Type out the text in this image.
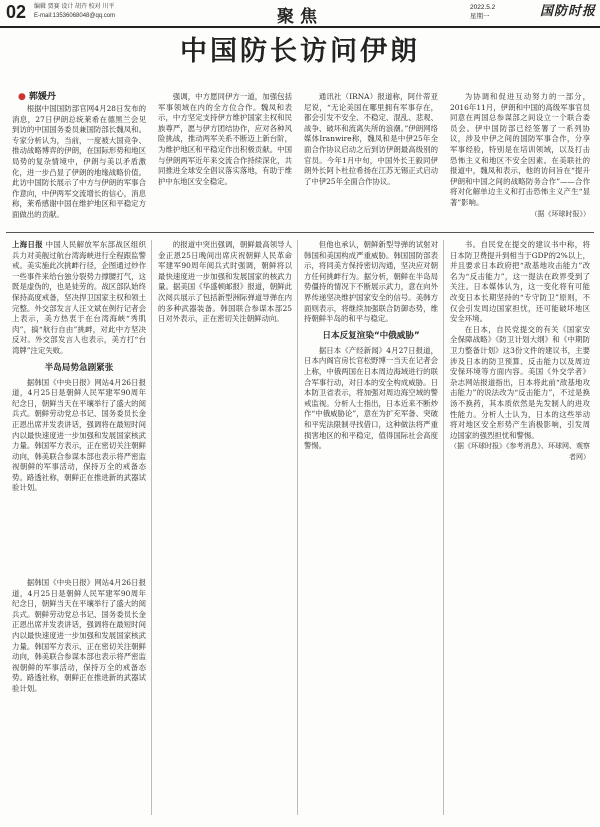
02 编辑 贾赛 设计 胡卉 校对 川平
E-mail:13536068048@qq.com	聚焦	2022.5.2
星期一	国防时报
中国防长访问伊朗
● 郭媛丹

根据中国国防部官网4月28日发布的消息，27日伊朗总统莱希在德黑兰会见到访的中国国务委员兼国防部长魏凤和。专家分析认为，当前，一度被大国竞争、推动战略博弈的伊朗，在国际形势和地区局势的复杂情境中，伊朗与美以矛盾激化，进一步凸显了伊朗的地缘战略价值。此访中国防长展示了中方与伊朗的军事合作意向，中伊两军交流增长的信心，消息称，莱希感谢中国在维护地区和平稳定方面做出的贡献。

强调，中方愿同伊方一道，加强包括军事领域在内的全方位合作。魏凤和表示，中方坚定支持伊方维护国家主权和民族尊严，愿与伊方团结协作，应对各种风险挑战，推动两军关系不断迈上新台阶，为维护地区和平稳定作出积极贡献。中国与伊朗两军近年来交流合作持续深化，共同推进全球安全倡议落实落地，有助于维护中东地区安全稳定。

通讯社（IRNA）报道称，阿什蒂亚尼说，“无论美国在哪里拥有军事存在，都会引发不安全、不稳定、混乱、悲观、战争、破坏和流离失所的浪潮。”伊朗网络媒体Iranwire称，魏凤和是中伊25年全面合作协议启动之后到访伊朗最高级别的官员。今年1月中旬，中国外长王毅同伊朗外长阿卜杜拉希扬在江苏无锡正式启动了中伊25年全面合作协议。

为协调和促进互动努力的一部分，2016年11月，伊朗和中国的高级军事官员同意在两国总参谋部之间设立一个联合委员会。伊中国防部已经签署了一系列协议，涉及中伊之间的国防军事合作，分享军事经验，特别是在培训领域，以及打击恐怖主义和地区不安全因素。在美联社的报道中，魏凤和表示，他的访问旨在“提升伊朗和中国之间的战略防务合作”——合作将对化解单边主义和打击恐怖主义产生“显著”影响。

（据《环球时报》）

上海日报 中国人民解放军东部战区组织兵力对美舰过航台湾海峡进行全程跟监警戒。美实施此次挑衅行径，企图通过炒作一些事件来给台独分裂势力撑腰打气，这既是虚伪的，也是徒劳的。战区部队始终保持高度戒备，坚决捍卫国家主权和领土完整。外交部发言人汪文斌在例行记者会上表示，美方热衷于在台湾海峡“秀肌肉”，搞“航行自由”挑衅，对此中方坚决反对。外交部发言人也表示，美方打“台湾牌”注定失败。

半岛局势急剧紧张

据韩国《中央日报》网站4月26日报道，4月25日是朝鲜人民军建军90周年纪念日，朝鲜当天在平壤举行了盛大的阅兵式。朝鲜劳动党总书记、国务委员长金正恩出席并发表讲话，强调将在最短时间内以最快速度进一步加强和发展国家核武力量。韩国军方表示，正在密切关注朝鲜动向，韩美联合参谋本部也表示将严密监视朝鲜的军事活动，保持万全的戒备态势。路透社称，朝鲜正在推进新的武器试验计划。

的报道中突出强调，朝鲜最高领导人金正恩25日晚间出席庆祝朝鲜人民革命军建军90周年阅兵式时强调，朝鲜将以最快速度进一步加强和发展国家的核武力量。据美国《华盛顿邮报》报道，朝鲜此次阅兵展示了包括新型洲际弹道导弹在内的多种武器装备。韩国联合参谋本部25日对外表示，正在密切关注朝鲜动向。

但他也承认，朝鲜新型导弹的试射对韩国和美国构成严重威胁。韩国国防部表示，将同美方保持密切沟通，坚决应对朝方任何挑衅行为。据分析，朝鲜在半岛局势僵持的情况下不断展示武力，意在向外界传递坚决维护国家安全的信号。美韩方面则表示，将继续加强联合防御态势，维持朝鲜半岛的和平与稳定。

日本反复渲染“中俄威胁”

据日本《产经新闻》4月27日报道，日本内阁官房长官松野博一当天在记者会上称，中俄两国在日本周边海域进行的联合军事行动，对日本的安全构成威胁。日本防卫省表示，将加强对周边海空域的警戒监视。分析人士指出，日本近来不断炒作“中俄威胁论”，意在为扩充军备、突破和平宪法限制寻找借口，这种做法将严重损害地区的和平稳定，值得国际社会高度警惕。

书。自民党在提交的建议书中称，将日本防卫费提升到相当于GDP的2%以上，并且要求日本政府把“敌基地攻击能力”改名为“反击能力”，这一提法在政界受到了关注。日本媒体认为，这一变化将有可能改变日本长期坚持的“专守防卫”原则，不仅会引发周边国家担忧，还可能破坏地区安全环境。

在日本，自民党提交的有关《国家安全保障战略》《防卫计划大纲》和《中期防卫力整备计划》这3份文件的建议书，主要涉及日本的防卫预算、反击能力以及周边安保环境等方面内容。美国《外交学者》杂志网站报道指出，日本将此前“敌基地攻击能力”的说法改为“反击能力”，不过是换汤不换药，其本质依然是先发制人的进攻性能力。分析人士认为，日本的这些举动将对地区安全形势产生消极影响，引发周边国家的强烈担忧和警惕。

（据《环球时报》《参考消息》、环球网、观察者网）

据韩国《中央日报》网站4月26日报道，4月25日是朝鲜人民军建军90周年纪念日，朝鲜当天在平壤举行了盛大的阅兵式。朝鲜劳动党总书记、国务委员长金正恩出席并发表讲话，强调将在最短时间内以最快速度进一步加强和发展国家核武力量。韩国军方表示，正在密切关注朝鲜动向，韩美联合参谋本部也表示将严密监视朝鲜的军事活动，保持万全的戒备态势。路透社称，朝鲜正在推进新的武器试验计划。
